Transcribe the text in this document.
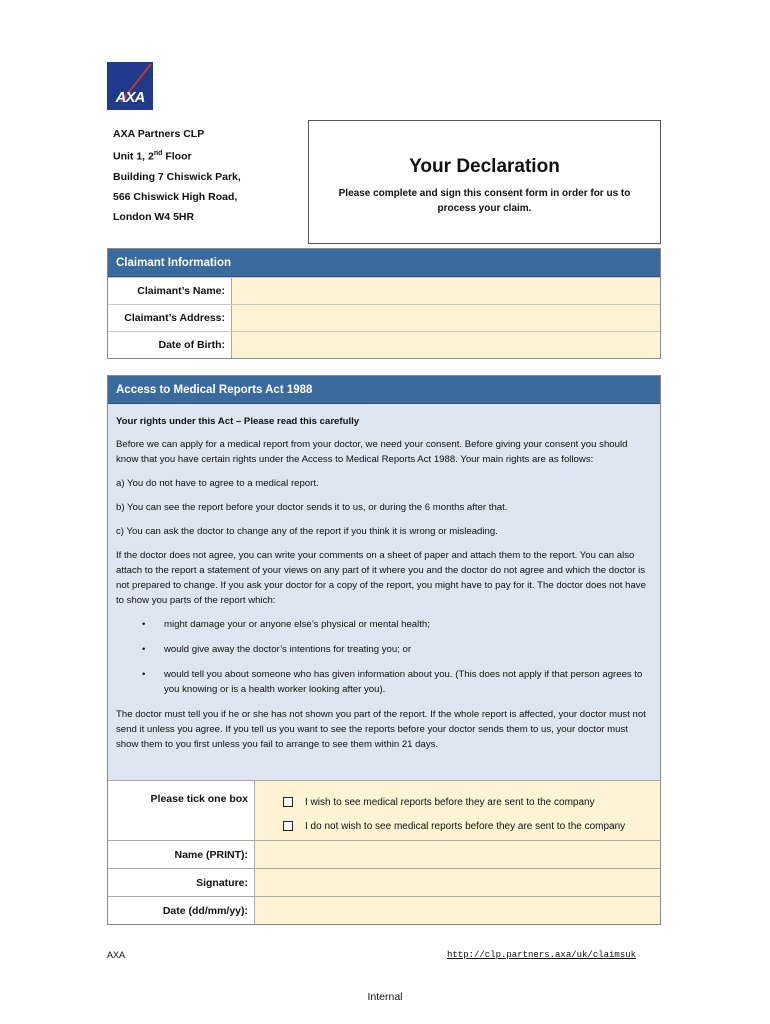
AXA
AXA Partners CLP
Unit 1, 2nd Floor
Building 7 Chiswick Park,
566 Chiswick High Road,
London W4 5HR
Your Declaration

Please complete and sign this consent form in order for us to process your claim.

Claimant Information
Claimant’s Name:
Claimant’s Address:
Date of Birth:
Access to Medical Reports Act 1988
Your rights under this Act – Please read this carefully

Before we can apply for a medical report from your doctor, we need your consent. Before giving your consent you should know that you have certain rights under the Access to Medical Reports Act 1988. Your main rights are as follows:

a) You do not have to agree to a medical report.

b) You can see the report before your doctor sends it to us, or during the 6 months after that.

c) You can ask the doctor to change any of the report if you think it is wrong or misleading.

If the doctor does not agree, you can write your comments on a sheet of paper and attach them to the report. You can also attach to the report a statement of your views on any part of it where you and the doctor do not agree and which the doctor is not prepared to change. If you ask your doctor for a copy of the report, you might have to pay for it. The doctor does not have to show you parts of the report which:

• might damage your or anyone else’s physical or mental health;
• would give away the doctor’s intentions for treating you; or
• would tell you about someone who has given information about you. (This does not apply if that person agrees to you knowing or is a health worker looking after you).

The doctor must tell you if he or she has not shown you part of the report. If the whole report is affected, your doctor must not send it unless you agree. If you tell us you want to see the reports before your doctor sends them to us, your doctor must show them to you first unless you fail to arrange to see them within 21 days.

Please tick one box	I wish to see medical reports before they are sent to the company
I do not wish to see medical reports before they are sent to the company
Name (PRINT):
Signature:
Date (dd/mm/yy):
AXA	http://clp.partners.axa/uk/claimsuk
Internal
